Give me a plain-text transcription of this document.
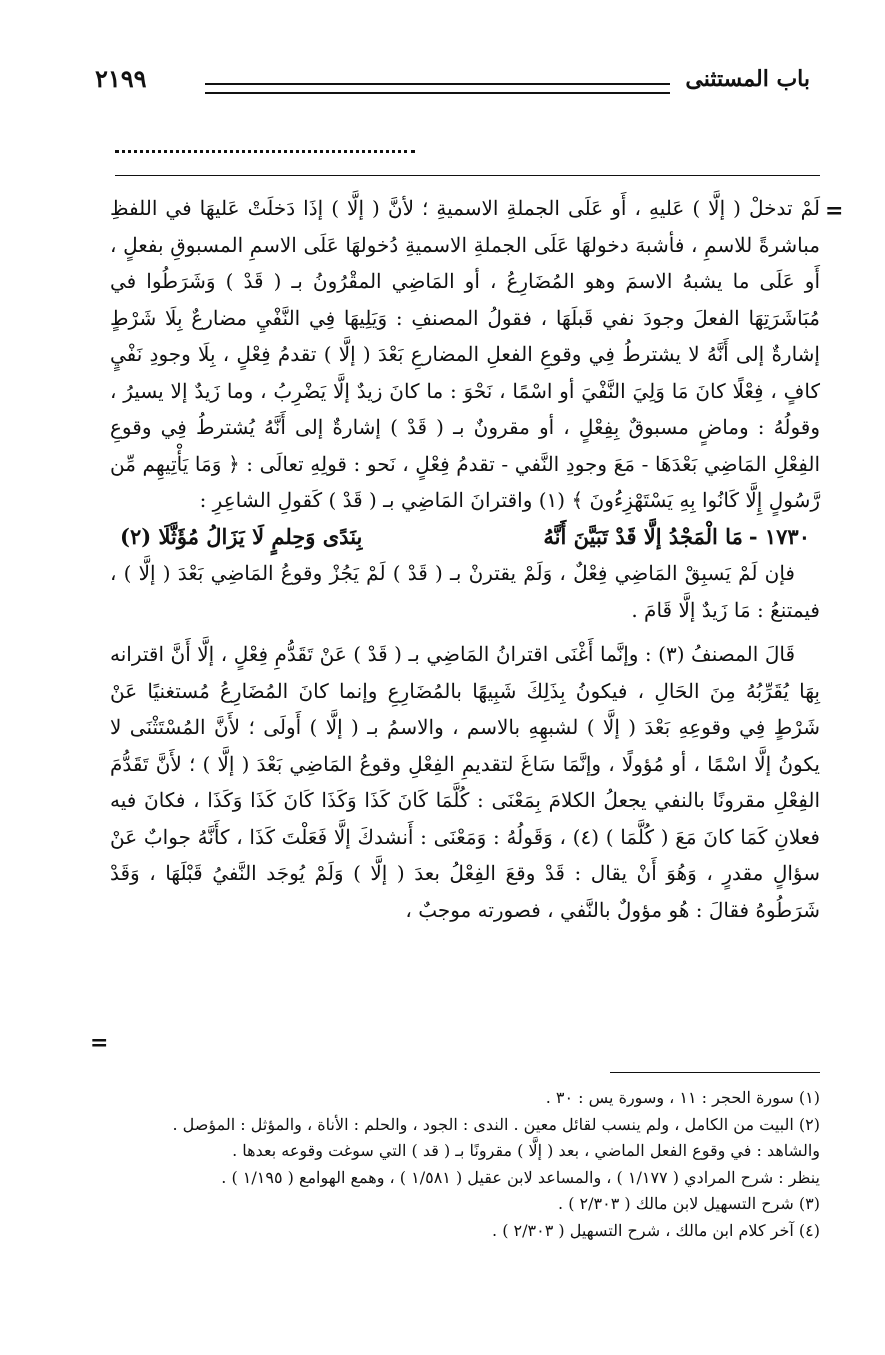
باب المستثنى
٢١٩٩
=

لَمْ تدخلْ ( إلَّا ) عَليهِ ، أَو عَلَى الجملةِ الاسميةِ ؛ لأنَّ ( إلَّا ) إذَا دَخلَتْ عَليهَا في اللفظِ مباشرةً للاسمِ ، فأشبهَ دخولهَا عَلَى الجملةِ الاسميةِ دُخولهَا عَلَى الاسمِ المسبوقِ بفعلٍ ، أَو عَلَى ما يشبهُ الاسمَ وهو المُضَارِعُ ، أو المَاضِي المقْرُونُ بـ ( قَدْ ) وَشَرَطُوا في مُبَاشَرَتِهَا الفعلَ وجودَ نفي قَبلَهَا ، فقولُ المصنفِ : وَيَلِيهَا فِي النَّفْيِ مضارعٌ بِلَا شَرْطٍ إشارةٌ إلى أَنَّهُ لا يشترطُ فِي وقوعِ الفعلِ المضارعِ بَعْدَ ( إلَّا ) تقدمُ فِعْلٍ ، بِلَا وجودِ نَفْيٍ كافٍ ، فِعْلًا كانَ مَا وَلِيَ النَّفْيَ أو اسْمًا ، نَحْوَ : ما كانَ زيدٌ إلَّا يَضْرِبُ ، وما زَيدٌ إلا يسيرُ ، وقولُهُ : وماضٍ مسبوقٌ بِفِعْلٍ ، أو مقرونٌ بـ ( قَدْ ) إشارةٌ إلى أَنَّهُ يُشترطُ فِي وقوعِ الفِعْلِ المَاضِي بَعْدَهَا - مَعَ وجودِ النَّفي - تقدمُ فِعْلٍ ، نَحو : قولِهِ تعالَى : ﴿ وَمَا يَأْتِيهِم مِّن رَّسُولٍ إِلَّا كَانُوا بِهِ يَسْتَهْزِءُونَ ﴾ (١) واقترانَ المَاضِي بـ ( قَدْ ) كَقولِ الشاعِرِ :

١٧٣٠ -مَا الْمَجْدُ إلَّا قَدْ تَبَيَّنَ أَنَّهُ
بِنَدًى وَحِلمٍ لَا يَزَالُ مُؤَثَّلَا (٢)

فإن لَمْ يَسبِقْ المَاضِي فِعْلٌ ، وَلَمْ يقترنْ بـ ( قَدْ ) لَمْ يَجُزْ وقوعُ المَاضِي بَعْدَ ( إلَّا ) ، فيمتنعُ : مَا زَيدٌ إلَّا قَامَ .

قَالَ المصنفُ (٣) : وإنَّما أَغْنَى اقترانُ المَاضِي بـ ( قَدْ ) عَنْ تَقَدُّمِ فِعْلٍ ، إلَّا أَنَّ اقترانه بِهَا يُقَرِّبُهُ مِنَ الحَالِ ، فيكونُ بِذَلِكَ شَبِيهًا بالمُضَارِعِ وإنما كانَ المُضَارِعُ مُستغنيًا عَنْ شَرْطٍ فِي وقوعِهِ بَعْدَ ( إلَّا ) لشبهِهِ بالاسم ، والاسمُ بـ ( إلَّا ) أَولَى ؛ لأَنَّ المُسْتَثْنَى لا يكونُ إلَّا اسْمًا ، أو مُؤولًا ، وإنَّمَا سَاغَ لتقديمِ الفِعْلِ وقوعُ المَاضِي بَعْدَ ( إلَّا ) ؛ لأَنَّ تَقَدُّمَ الفِعْلِ مقرونًا بالنفي يجعلُ الكلامَ بِمَعْنَى : كُلَّمَا كَانَ كَذَا وَكَذَا كَانَ كَذَا وَكَذَا ، فكانَ فيه فعلانِ كَمَا كانَ مَعَ ( كُلَّمَا ) (٤) ، وَقَولُهُ : وَمَعْنَى : أَنشدكَ إلَّا فَعَلْتَ كَذَا ، كأَنَّهُ جوابٌ عَنْ سؤالٍ مقدرٍ ، وَهُوَ أَنْ يقال : قَدْ وقعَ الفِعْلُ بعدَ ( إلَّا ) وَلَمْ يُوجَد النَّفيُ قَبْلَهَا ، وَقَدْ شَرَطُوهُ فقالَ : هُو مؤولٌ بالنَّفي ، فصورته موجبٌ ،

=

(١) سورة الحجر : ١١ ، وسورة يس : ٣٠ .

(٢) البيت من الكامل ، ولم ينسب لقائل معين . الندى : الجود ، والحلم : الأناة ، والمؤثل : المؤصل .

والشاهد : في وقوع الفعل الماضي ، بعد ( إلَّا ) مقرونًا بـ ( قد ) التي سوغت وقوعه بعدها .

ينظر : شرح المرادي ( ١/١٧٧ ) ، والمساعد لابن عقيل ( ١/٥٨١ ) ، وهمع الهوامع ( ١/١٩٥ ) .

(٣) شرح التسهيل لابن مالك ( ٢/٣٠٣ ) .

(٤) آخر كلام ابن مالك ، شرح التسهيل ( ٢/٣٠٣ ) .
